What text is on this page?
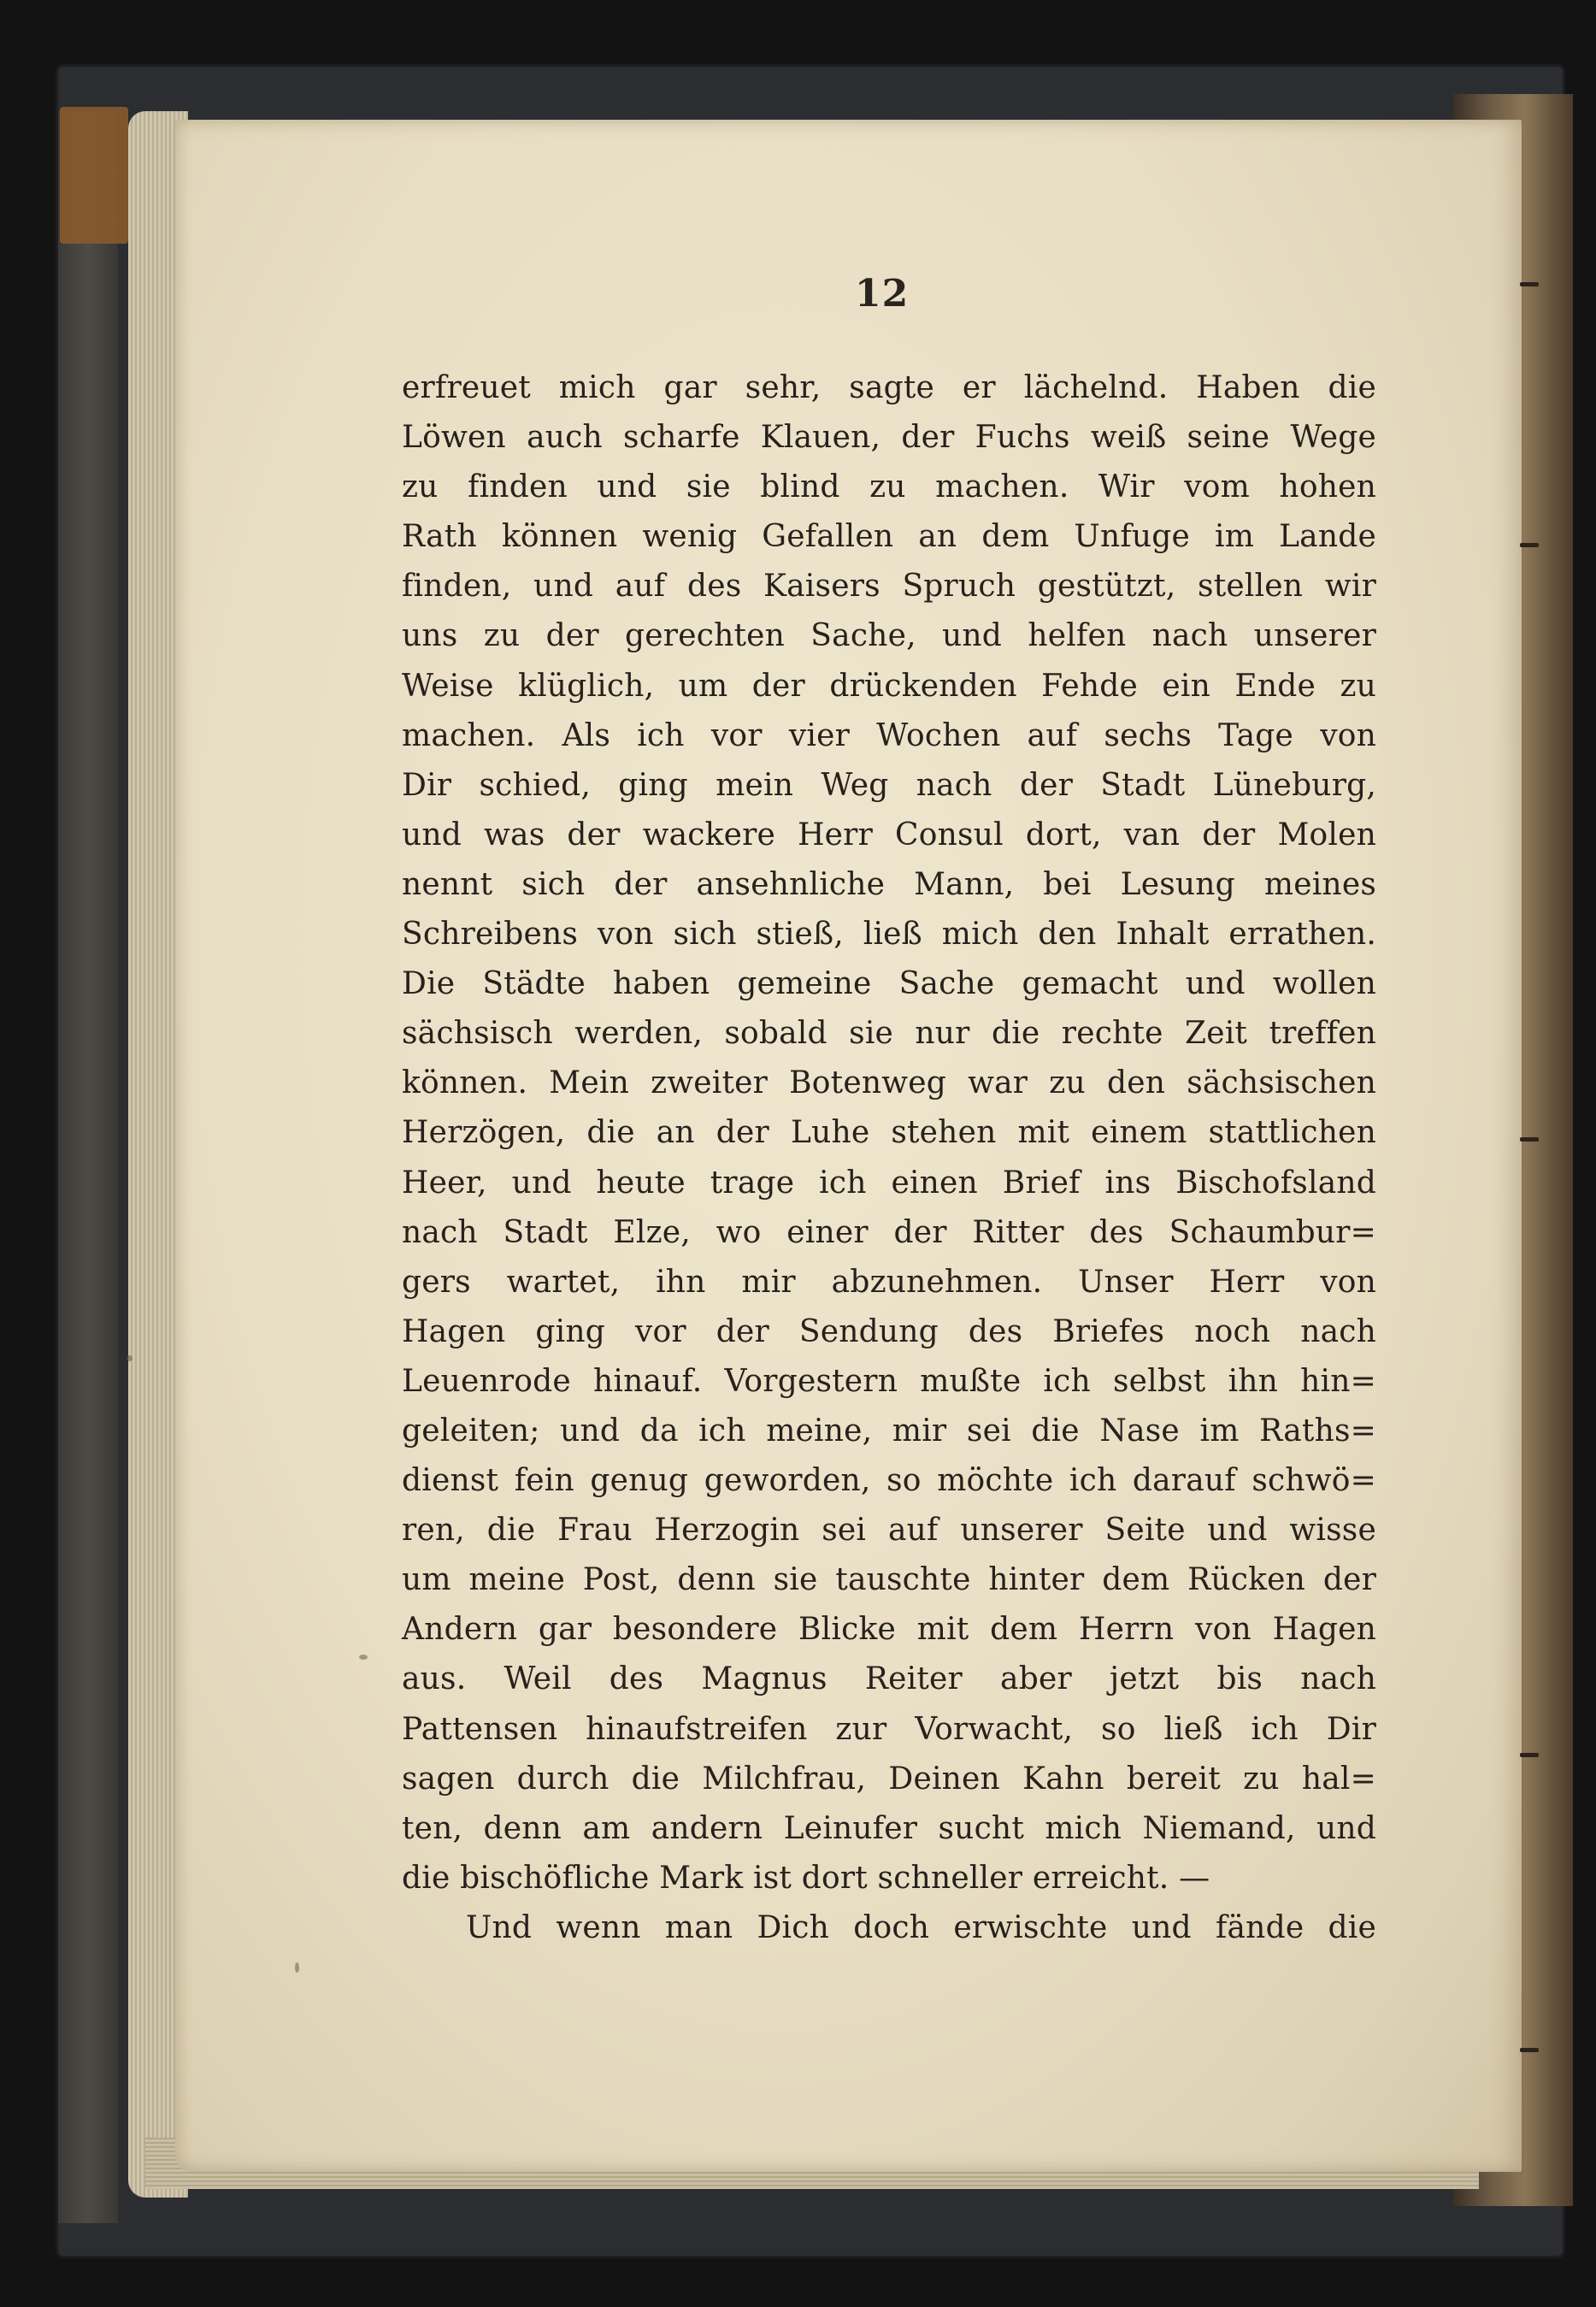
12
erfreuet mich gar sehr, sagte er lächelnd. Haben die
Löwen auch scharfe Klauen, der Fuchs weiß seine Wege
zu finden und sie blind zu machen. Wir vom hohen
Rath können wenig Gefallen an dem Unfuge im Lande
finden, und auf des Kaisers Spruch gestützt, stellen wir
uns zu der gerechten Sache, und helfen nach unserer
Weise klüglich, um der drückenden Fehde ein Ende zu
machen. Als ich vor vier Wochen auf sechs Tage von
Dir schied, ging mein Weg nach der Stadt Lüneburg,
und was der wackere Herr Consul dort, van der Molen
nennt sich der ansehnliche Mann, bei Lesung meines
Schreibens von sich stieß, ließ mich den Inhalt errathen.
Die Städte haben gemeine Sache gemacht und wollen
sächsisch werden, sobald sie nur die rechte Zeit treffen
können. Mein zweiter Botenweg war zu den sächsischen
Herzögen, die an der Luhe stehen mit einem stattlichen
Heer, und heute trage ich einen Brief ins Bischofsland
nach Stadt Elze, wo einer der Ritter des Schaumbur=
gers wartet, ihn mir abzunehmen. Unser Herr von
Hagen ging vor der Sendung des Briefes noch nach
Leuenrode hinauf. Vorgestern mußte ich selbst ihn hin=
geleiten; und da ich meine, mir sei die Nase im Raths=
dienst fein genug geworden, so möchte ich darauf schwö=
ren, die Frau Herzogin sei auf unserer Seite und wisse
um meine Post, denn sie tauschte hinter dem Rücken der
Andern gar besondere Blicke mit dem Herrn von Hagen
aus. Weil des Magnus Reiter aber jetzt bis nach
Pattensen hinaufstreifen zur Vorwacht, so ließ ich Dir
sagen durch die Milchfrau, Deinen Kahn bereit zu hal=
ten, denn am andern Leinufer sucht mich Niemand, und
die bischöfliche Mark ist dort schneller erreicht. —
Und wenn man Dich doch erwischte und fände die
